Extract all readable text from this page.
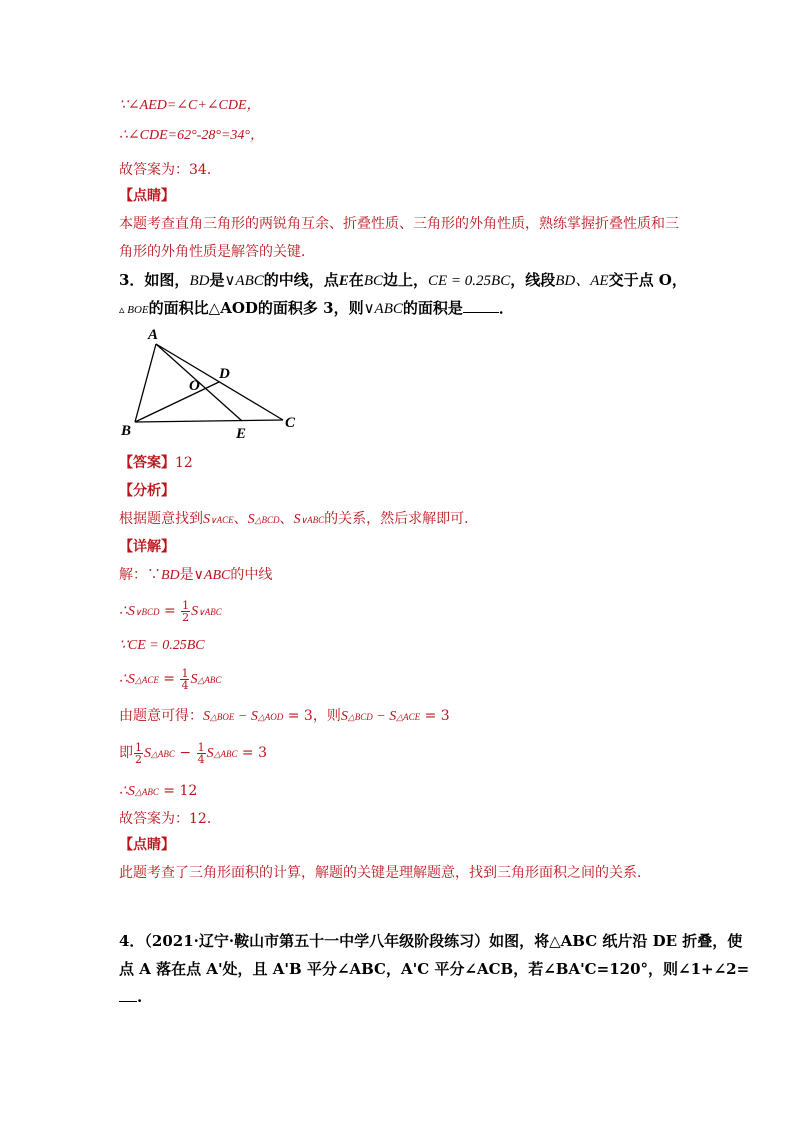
∵∠AED=∠C+∠CDE，
∴∠CDE=62°-28°=34°，
故答案为：34．
【点睛】
本题考查直角三角形的两锐角互余、折叠性质、三角形的外角性质，熟练掌握折叠性质和三
角形的外角性质是解答的关键．
3．如图，BD是∨ABC的中线，点E在BC边上，CE = 0.25BC，线段BD、AE交于点 O，
▵ BOE的面积比△AOD的面积多 3，则∨ABC的面积是 ．
A
B	C
D
E
O
【答案】12
【分析】
根据题意找到S∨ACE、S△BCD、S∨ABC的关系，然后求解即可．
【详解】
解：∵BD是∨ABC的中线
∴S∨BCD = $\frac{1}{2}$ S∨ABC
∵CE = 0.25BC
∴S△ACE = $\frac{1}{4}$ S△ABC
由题意可得：S△BOE − S△AOD = 3，则S△BCD − S△ACE = 3
即 $\frac{1}{2}$ S△ABC − $\frac{1}{4}$ S△ABC = 3
∴S△ABC = 12
故答案为：12．
【点睛】
此题考查了三角形面积的计算，解题的关键是理解题意，找到三角形面积之间的关系．
4．（2021·辽宁·鞍山市第五十一中学八年级阶段练习）如图，将△ABC 纸片沿 DE 折叠，使
点 A 落在点 A'处，且 A'B 平分∠ABC，A'C 平分∠ACB，若∠BA'C=120°，则∠1+∠2=
.
